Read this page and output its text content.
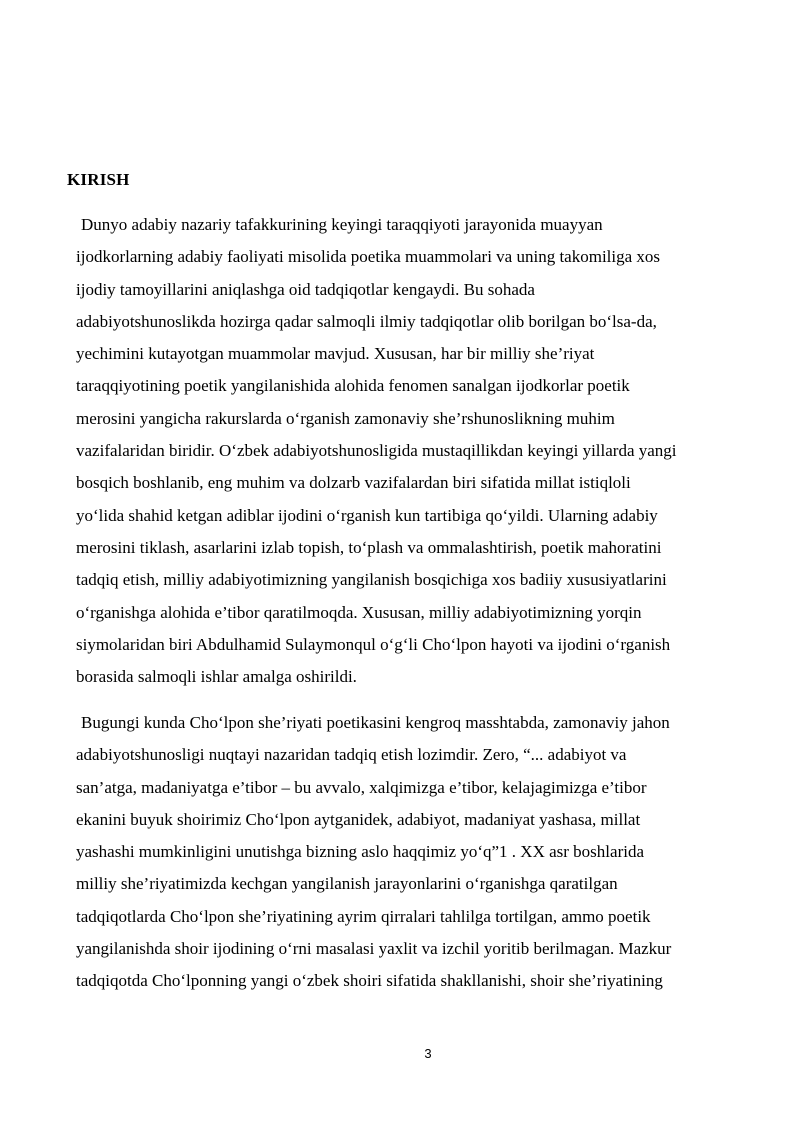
KIRISH

Dunyo adabiy nazariy tafakkurining keyingi taraqqiyoti jarayonida muayyan
ijodkorlarning adabiy faoliyati misolida poetika muammolari va uning takomiliga xos
ijodiy tamoyillarini aniqlashga oid tadqiqotlar kengaydi. Bu sohada
adabiyotshunoslikda hozirga qadar salmoqli ilmiy tadqiqotlar olib borilgan bo‘lsa-da,
yechimini kutayotgan muammolar mavjud. Xususan, har bir milliy she’riyat
taraqqiyotining poetik yangilanishida alohida fenomen sanalgan ijodkorlar poetik
merosini yangicha rakurslarda o‘rganish zamonaviy she’rshunoslikning muhim
vazifalaridan biridir. O‘zbek adabiyotshunosligida mustaqillikdan keyingi yillarda yangi
bosqich boshlanib, eng muhim va dolzarb vazifalardan biri sifatida millat istiqloli
yo‘lida shahid ketgan adiblar ijodini o‘rganish kun tartibiga qo‘yildi. Ularning adabiy
merosini tiklash, asarlarini izlab topish, to‘plash va ommalashtirish, poetik mahoratini
tadqiq etish, milliy adabiyotimizning yangilanish bosqichiga xos badiiy xususiyatlarini
o‘rganishga alohida e’tibor qaratilmoqda. Xususan, milliy adabiyotimizning yorqin
siymolaridan biri Abdulhamid Sulaymonqul o‘g‘li Cho‘lpon hayoti va ijodini o‘rganish
borasida salmoqli ishlar amalga oshirildi.

Bugungi kunda Cho‘lpon she’riyati poetikasini kengroq masshtabda, zamonaviy jahon
adabiyotshunosligi nuqtayi nazaridan tadqiq etish lozimdir. Zero, “... adabiyot va
san’atga, madaniyatga e’tibor – bu avvalo, xalqimizga e’tibor, kelajagimizga e’tibor
ekanini buyuk shoirimiz Cho‘lpon aytganidek, adabiyot, madaniyat yashasa, millat
yashashi mumkinligini unutishga bizning aslo haqqimiz yo‘q”1 . XX asr boshlarida
milliy she’riyatimizda kechgan yangilanish jarayonlarini o‘rganishga qaratilgan
tadqiqotlarda Cho‘lpon she’riyatining ayrim qirralari tahlilga tortilgan, ammo poetik
yangilanishda shoir ijodining o‘rni masalasi yaxlit va izchil yoritib berilmagan. Mazkur
tadqiqotda Cho‘lponning yangi o‘zbek shoiri sifatida shakllanishi, shoir she’riyatining

3
